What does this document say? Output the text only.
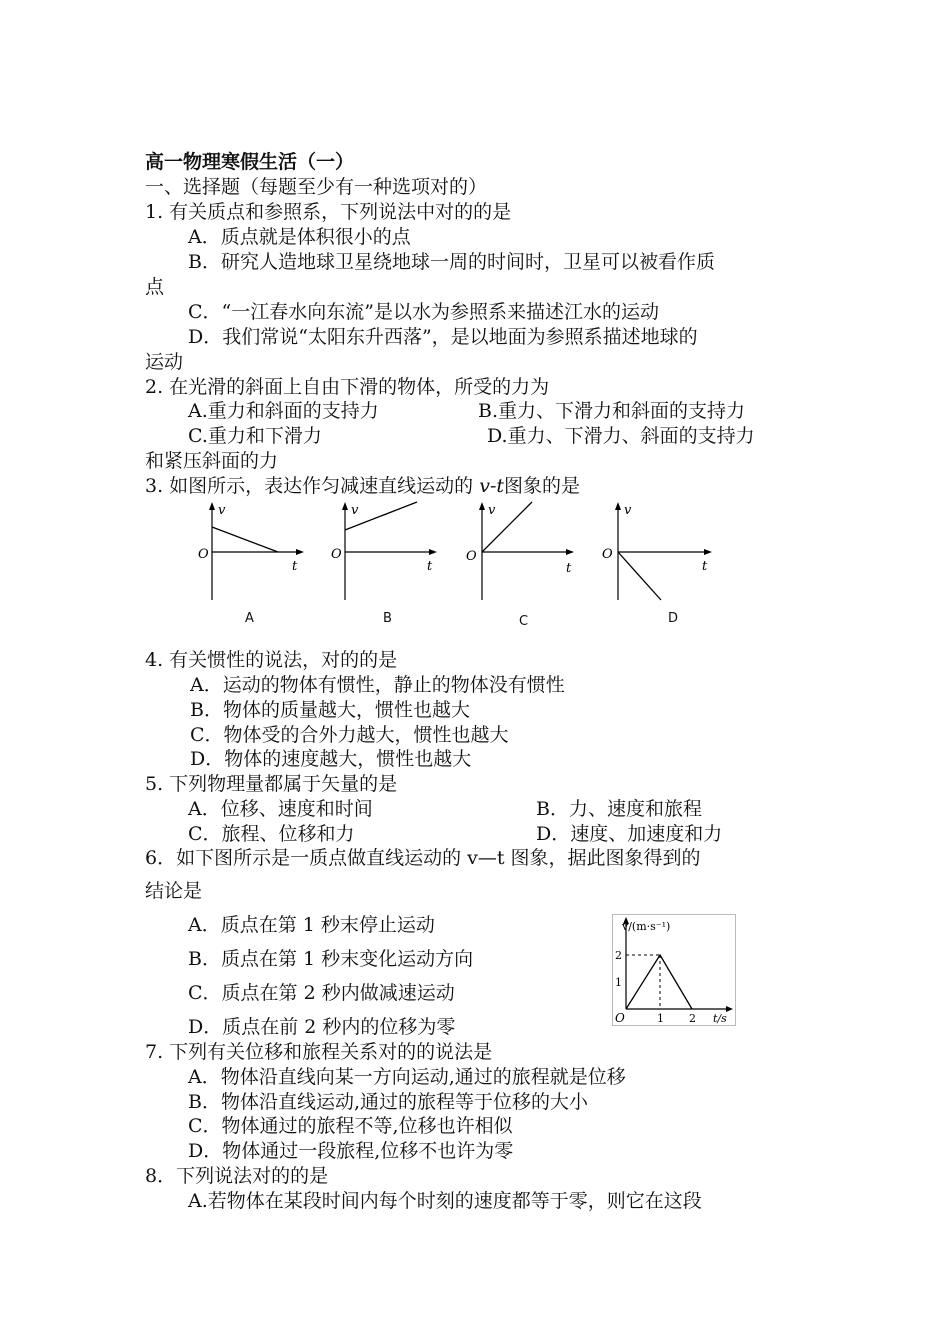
高一物理寒假生活（一）
一、选择题（每题至少有一种选项对的）
1. 有关质点和参照系，下列说法中对的的是
A．质点就是体积很小的点
B．研究人造地球卫星绕地球一周的时间时，卫星可以被看作质
点
C．“一江春水向东流”是以水为参照系来描述江水的运动
D．我们常说“太阳东升西落”，是以地面为参照系描述地球的
运动
2. 在光滑的斜面上自由下滑的物体，所受的力为
A.重力和斜面的支持力	B.重力、下滑力和斜面的支持力
C.重力和下滑力	D.重力、下滑力、斜面的支持力
和紧压斜面的力
3. 如图所示，表达作匀减速直线运动的 v-t图象的是
v
t
O
A
v
t
O
B
v
t
O
C
v
t
O
D
4. 有关惯性的说法，对的的是
A．运动的物体有惯性，静止的物体没有惯性
B．物体的质量越大，惯性也越大
C．物体受的合外力越大，惯性也越大
D．物体的速度越大，惯性也越大
5. 下列物理量都属于矢量的是
A．位移、速度和时间	B．力、速度和旅程
C．旅程、位移和力	D．速度、加速度和力
6．如下图所示是一质点做直线运动的 v—t 图象，据此图象得到的
结论是
A．质点在第 1 秒末停止运动
B．质点在第 1 秒末变化运动方向
C．质点在第 2 秒内做减速运动
D．质点在前 2 秒内的位移为零
v/(m·s⁻¹)
2
1
O	1 2 t/s
7. 下列有关位移和旅程关系对的的说法是
A．物体沿直线向某一方向运动,通过的旅程就是位移
B．物体沿直线运动,通过的旅程等于位移的大小
C．物体通过的旅程不等,位移也许相似
D．物体通过一段旅程,位移不也许为零
8．下列说法对的的是
A.若物体在某段时间内每个时刻的速度都等于零，则它在这段
